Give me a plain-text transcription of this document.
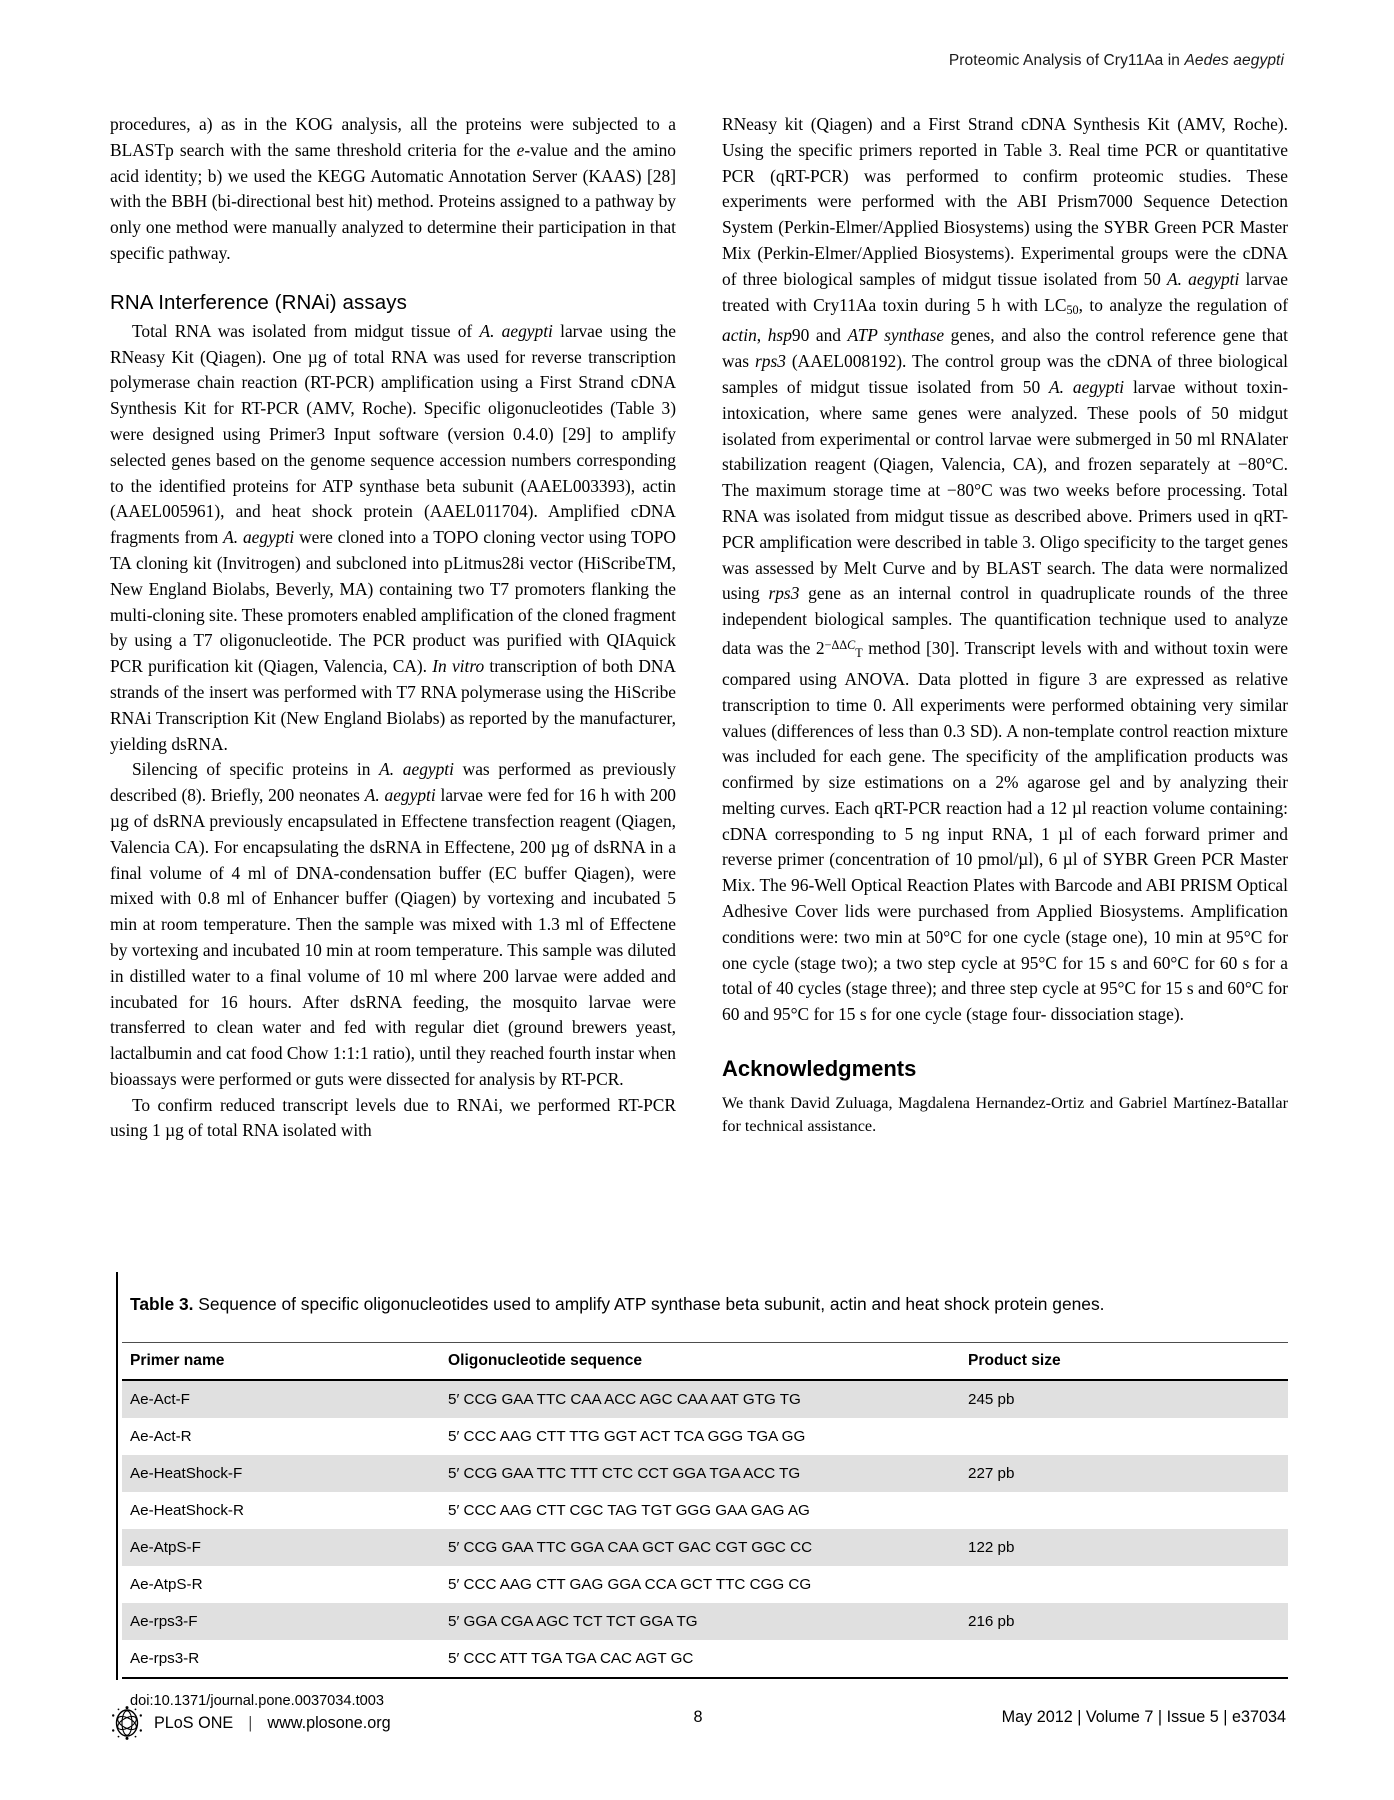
Proteomic Analysis of Cry11Aa in Aedes aegypti

procedures, a) as in the KOG analysis, all the proteins were subjected to a BLASTp search with the same threshold criteria for the e-value and the amino acid identity; b) we used the KEGG Automatic Annotation Server (KAAS) [28] with the BBH (bi-directional best hit) method. Proteins assigned to a pathway by only one method were manually analyzed to determine their participation in that specific pathway.

RNA Interference (RNAi) assays

Total RNA was isolated from midgut tissue of A. aegypti larvae using the RNeasy Kit (Qiagen). One µg of total RNA was used for reverse transcription polymerase chain reaction (RT-PCR) amplification using a First Strand cDNA Synthesis Kit for RT-PCR (AMV, Roche). Specific oligonucleotides (Table 3) were designed using Primer3 Input software (version 0.4.0) [29] to amplify selected genes based on the genome sequence accession numbers corresponding to the identified proteins for ATP synthase beta subunit (AAEL003393), actin (AAEL005961), and heat shock protein (AAEL011704). Amplified cDNA fragments from A. aegypti were cloned into a TOPO cloning vector using TOPO TA cloning kit (Invitrogen) and subcloned into pLitmus28i vector (HiScribeTM, New England Biolabs, Beverly, MA) containing two T7 promoters flanking the multi-cloning site. These promoters enabled amplification of the cloned fragment by using a T7 oligonucleotide. The PCR product was purified with QIAquick PCR purification kit (Qiagen, Valencia, CA). In vitro transcription of both DNA strands of the insert was performed with T7 RNA polymerase using the HiScribe RNAi Transcription Kit (New England Biolabs) as reported by the manufacturer, yielding dsRNA.

Silencing of specific proteins in A. aegypti was performed as previously described (8). Briefly, 200 neonates A. aegypti larvae were fed for 16 h with 200 µg of dsRNA previously encapsulated in Effectene transfection reagent (Qiagen, Valencia CA). For encapsulating the dsRNA in Effectene, 200 µg of dsRNA in a final volume of 4 ml of DNA-condensation buffer (EC buffer Qiagen), were mixed with 0.8 ml of Enhancer buffer (Qiagen) by vortexing and incubated 5 min at room temperature. Then the sample was mixed with 1.3 ml of Effectene by vortexing and incubated 10 min at room temperature. This sample was diluted in distilled water to a final volume of 10 ml where 200 larvae were added and incubated for 16 hours. After dsRNA feeding, the mosquito larvae were transferred to clean water and fed with regular diet (ground brewers yeast, lactalbumin and cat food Chow 1:1:1 ratio), until they reached fourth instar when bioassays were performed or guts were dissected for analysis by RT-PCR.

To confirm reduced transcript levels due to RNAi, we performed RT-PCR using 1 µg of total RNA isolated with

RNeasy kit (Qiagen) and a First Strand cDNA Synthesis Kit (AMV, Roche). Using the specific primers reported in Table 3. Real time PCR or quantitative PCR (qRT-PCR) was performed to confirm proteomic studies. These experiments were performed with the ABI Prism7000 Sequence Detection System (Perkin-Elmer/Applied Biosystems) using the SYBR Green PCR Master Mix (Perkin-Elmer/Applied Biosystems). Experimental groups were the cDNA of three biological samples of midgut tissue isolated from 50 A. aegypti larvae treated with Cry11Aa toxin during 5 h with $LC_{50}$, to analyze the regulation of actin, hsp90 and ATP synthase genes, and also the control reference gene that was rps3 (AAEL008192). The control group was the cDNA of three biological samples of midgut tissue isolated from 50 A. aegypti larvae without toxin-intoxication, where same genes were analyzed. These pools of 50 midgut isolated from experimental or control larvae were submerged in 50 ml RNAlater stabilization reagent (Qiagen, Valencia, CA), and frozen separately at −80°C. The maximum storage time at −80°C was two weeks before processing. Total RNA was isolated from midgut tissue as described above. Primers used in qRT-PCR amplification were described in table 3. Oligo specificity to the target genes was assessed by Melt Curve and by BLAST search. The data were normalized using rps3 gene as an internal control in quadruplicate rounds of the three independent biological samples. The quantification technique used to analyze data was the $2^{-\Delta\Delta C}_T$ method [30]. Transcript levels with and without toxin were compared using ANOVA. Data plotted in figure 3 are expressed as relative transcription to time 0. All experiments were performed obtaining very similar values (differences of less than 0.3 SD). A non-template control reaction mixture was included for each gene. The specificity of the amplification products was confirmed by size estimations on a 2% agarose gel and by analyzing their melting curves. Each qRT-PCR reaction had a 12 µl reaction volume containing: cDNA corresponding to 5 ng input RNA, 1 µl of each forward primer and reverse primer (concentration of 10 pmol/µl), 6 µl of SYBR Green PCR Master Mix. The 96-Well Optical Reaction Plates with Barcode and ABI PRISM Optical Adhesive Cover lids were purchased from Applied Biosystems. Amplification conditions were: two min at 50°C for one cycle (stage one), 10 min at 95°C for one cycle (stage two); a two step cycle at 95°C for 15 s and 60°C for 60 s for a total of 40 cycles (stage three); and three step cycle at 95°C for 15 s and 60°C for 60 and 95°C for 15 s for one cycle (stage four- dissociation stage).

Acknowledgments

We thank David Zuluaga, Magdalena Hernandez-Ortiz and Gabriel Martínez-Batallar for technical assistance.

Table 3. Sequence of specific oligonucleotides used to amplify ATP synthase beta subunit, actin and heat shock protein genes.
Primer name	Oligonucleotide sequence	Product size
Ae-Act-F	5′ CCG GAA TTC CAA ACC AGC CAA AAT GTG TG	245 pb
Ae-Act-R	5′ CCC AAG CTT TTG GGT ACT TCA GGG TGA GG	
Ae-HeatShock-F	5′ CCG GAA TTC TTT CTC CCT GGA TGA ACC TG	227 pb
Ae-HeatShock-R	5′ CCC AAG CTT CGC TAG TGT GGG GAA GAG AG	
Ae-AtpS-F	5′ CCG GAA TTC GGA CAA GCT GAC CGT GGC CC	122 pb
Ae-AtpS-R	5′ CCC AAG CTT GAG GGA CCA GCT TTC CGG CG	
Ae-rps3-F	5′ GGA CGA AGC TCT TCT GGA TG	216 pb
Ae-rps3-R	5′ CCC ATT TGA TGA CAC AGT GC	
doi:10.1371/journal.pone.0037034.t003
PLoS ONE | www.plosone.org	8	May 2012 | Volume 7 | Issue 5 | e37034
